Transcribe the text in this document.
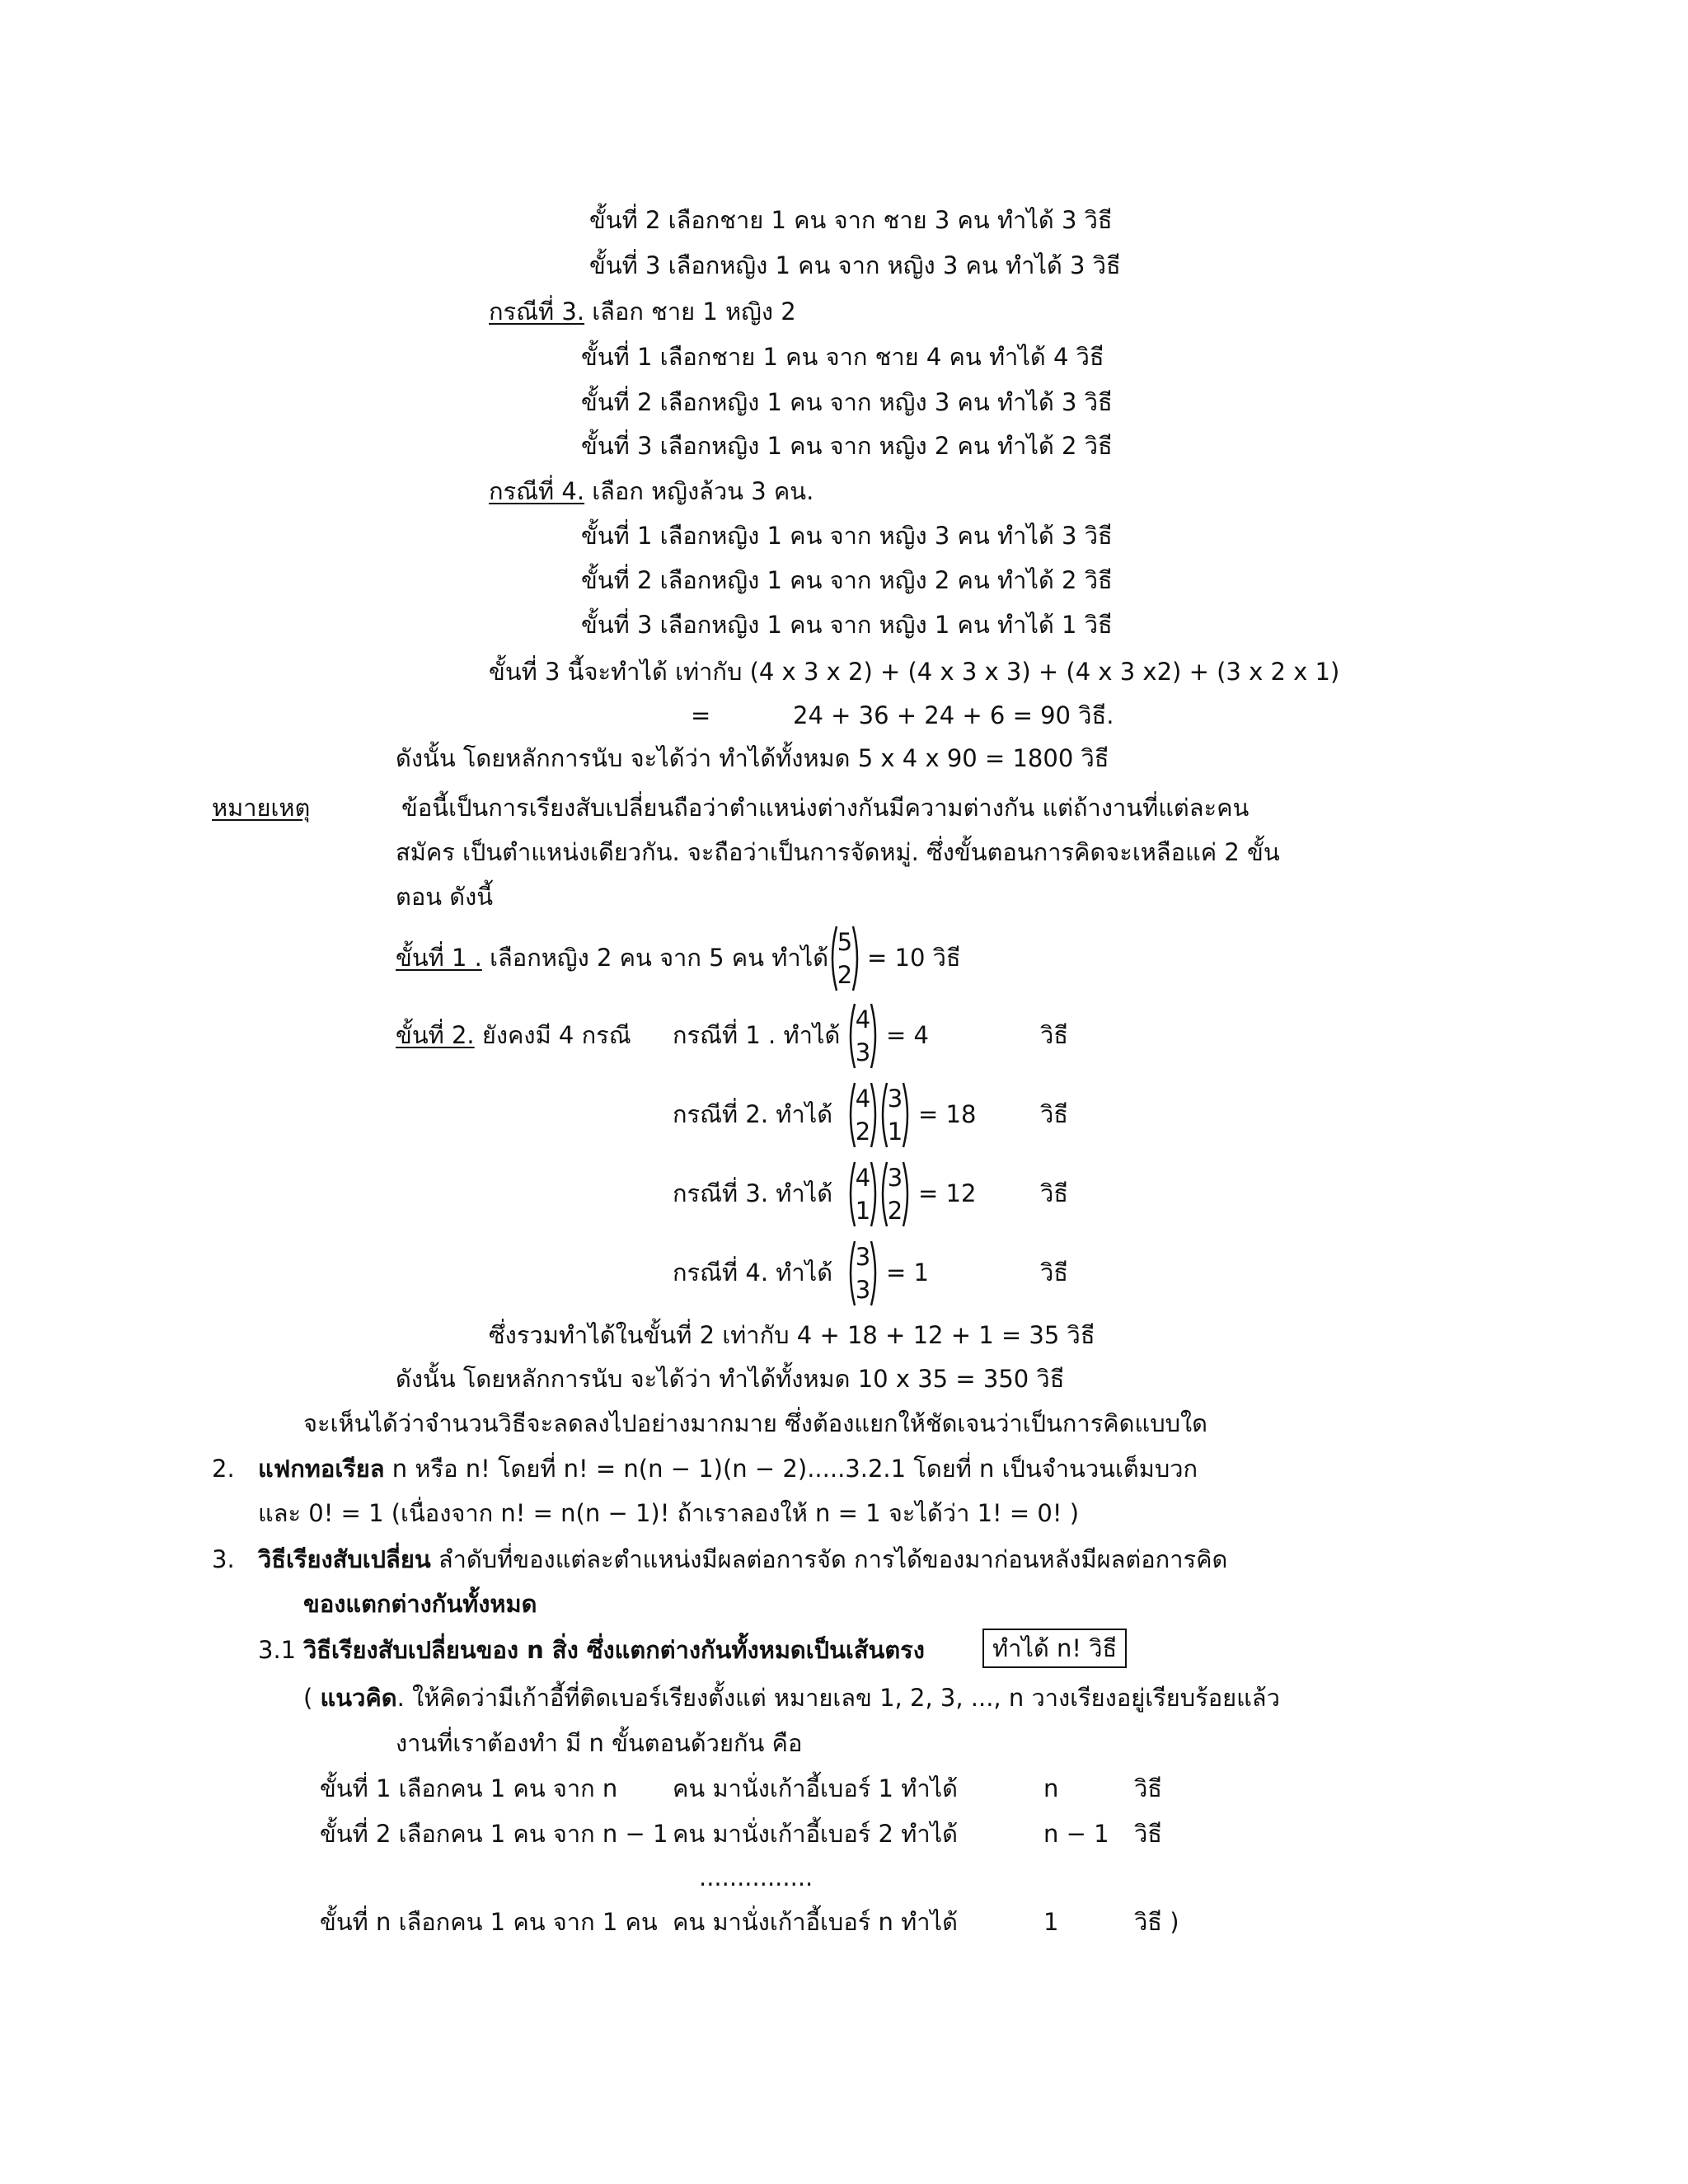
ขั้นที่ 2 เลือกชาย 1 คน จาก ชาย 3 คน ทำได้ 3 วิธี
ขั้นที่ 3 เลือกหญิง 1 คน จาก หญิง 3 คน ทำได้ 3 วิธี
กรณีที่ 3. เลือก ชาย 1 หญิง 2
ขั้นที่ 1 เลือกชาย 1 คน จาก ชาย 4 คน ทำได้ 4 วิธี
ขั้นที่ 2 เลือกหญิง 1 คน จาก หญิง 3 คน ทำได้ 3 วิธี
ขั้นที่ 3 เลือกหญิง 1 คน จาก หญิง 2 คน ทำได้ 2 วิธี
กรณีที่ 4. เลือก หญิงล้วน 3 คน.
ขั้นที่ 1 เลือกหญิง 1 คน จาก หญิง 3 คน ทำได้ 3 วิธี
ขั้นที่ 2 เลือกหญิง 1 คน จาก หญิง 2 คน ทำได้ 2 วิธี
ขั้นที่ 3 เลือกหญิง 1 คน จาก หญิง 1 คน ทำได้ 1 วิธี
ขั้นที่ 3 นี้จะทำได้ เท่ากับ (4 x 3 x 2) + (4 x 3 x 3) + (4 x 3 x2) + (3 x 2 x 1)
=	24 + 36 + 24 + 6 = 90 วิธี.
ดังนั้น โดยหลักการนับ จะได้ว่า ทำได้ทั้งหมด 5 x 4 x 90 = 1800 วิธี
หมายเหตุ	ข้อนี้เป็นการเรียงสับเปลี่ยนถือว่าตำแหน่งต่างกันมีความต่างกัน แต่ถ้างานที่แต่ละคน
สมัคร เป็นตำแหน่งเดียวกัน. จะถือว่าเป็นการจัดหมู่. ซึ่งขั้นตอนการคิดจะเหลือแค่ 2 ขั้น
ตอน ดังนี้
ขั้นที่ 1 . เลือกหญิง 2 คน จาก 5 คน ทำได้
5
2
= 10 วิธี
ขั้นที่ 2. ยังคงมี 4 กรณี กรณีที่ 1 . ทำได้
4
3
= 4	วิธี
กรณีที่ 2. ทำได้
4
2
3
1
= 18	วิธี
กรณีที่ 3. ทำได้
4
1
3
2
= 12	วิธี
กรณีที่ 4. ทำได้
3
3
= 1	วิธี
ซึ่งรวมทำได้ในขั้นที่ 2 เท่ากับ 4 + 18 + 12 + 1 = 35 วิธี
ดังนั้น โดยหลักการนับ จะได้ว่า ทำได้ทั้งหมด 10 x 35 = 350 วิธี
จะเห็นได้ว่าจำนวนวิธีจะลดลงไปอย่างมากมาย ซึ่งต้องแยกให้ชัดเจนว่าเป็นการคิดแบบใด
2. แฟกทอเรียล n หรือ n! โดยที่ n! = n(n − 1)(n − 2).....3.2.1 โดยที่ n เป็นจำนวนเต็มบวก
และ 0! = 1 (เนื่องจาก n! = n(n − 1)! ถ้าเราลองให้ n = 1 จะได้ว่า 1! = 0! )
3. วิธีเรียงสับเปลี่ยน ลำดับที่ของแต่ละตำแหน่งมีผลต่อการจัด การได้ของมาก่อนหลังมีผลต่อการคิด
ของแตกต่างกันทั้งหมด
3.1 วิธีเรียงสับเปลี่ยนของ n สิ่ง ซึ่งแตกต่างกันทั้งหมดเป็นเส้นตรง	ทำได้ n! วิธี
( แนวคิด. ให้คิดว่ามีเก้าอี้ที่ติดเบอร์เรียงตั้งแต่ หมายเลข 1, 2, 3, ..., n วางเรียงอยู่เรียบร้อยแล้ว
งานที่เราต้องทำ มี n ขั้นตอนด้วยกัน คือ
ขั้นที่ 1 เลือกคน 1 คน จาก n คน มานั่งเก้าอี้เบอร์ 1 ทำได้	n	วิธี
ขั้นที่ 2 เลือกคน 1 คน จาก n − 1 คน มานั่งเก้าอี้เบอร์ 2 ทำได้	n − 1 วิธี
...............
ขั้นที่ n เลือกคน 1 คน จาก 1 คน คน มานั่งเก้าอี้เบอร์ n ทำได้	1	วิธี )
